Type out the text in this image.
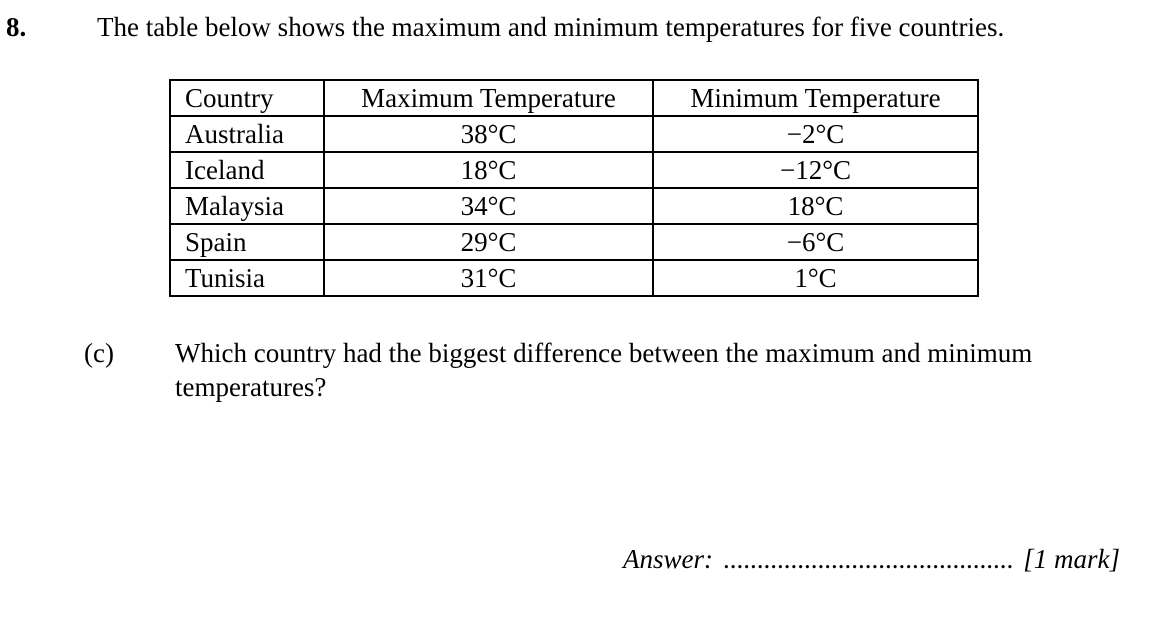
8.	The table below shows the maximum and minimum temperatures for five countries.
Country	Maximum Temperature	Minimum Temperature
Australia	38°C	−2°C
Iceland	18°C	−12°C
Malaysia	34°C	18°C
Spain	29°C	−6°C
Tunisia	31°C	1°C
(c) Which country had the biggest difference between the maximum and minimum temperatures?
Answer: ........................................... [1 mark]
